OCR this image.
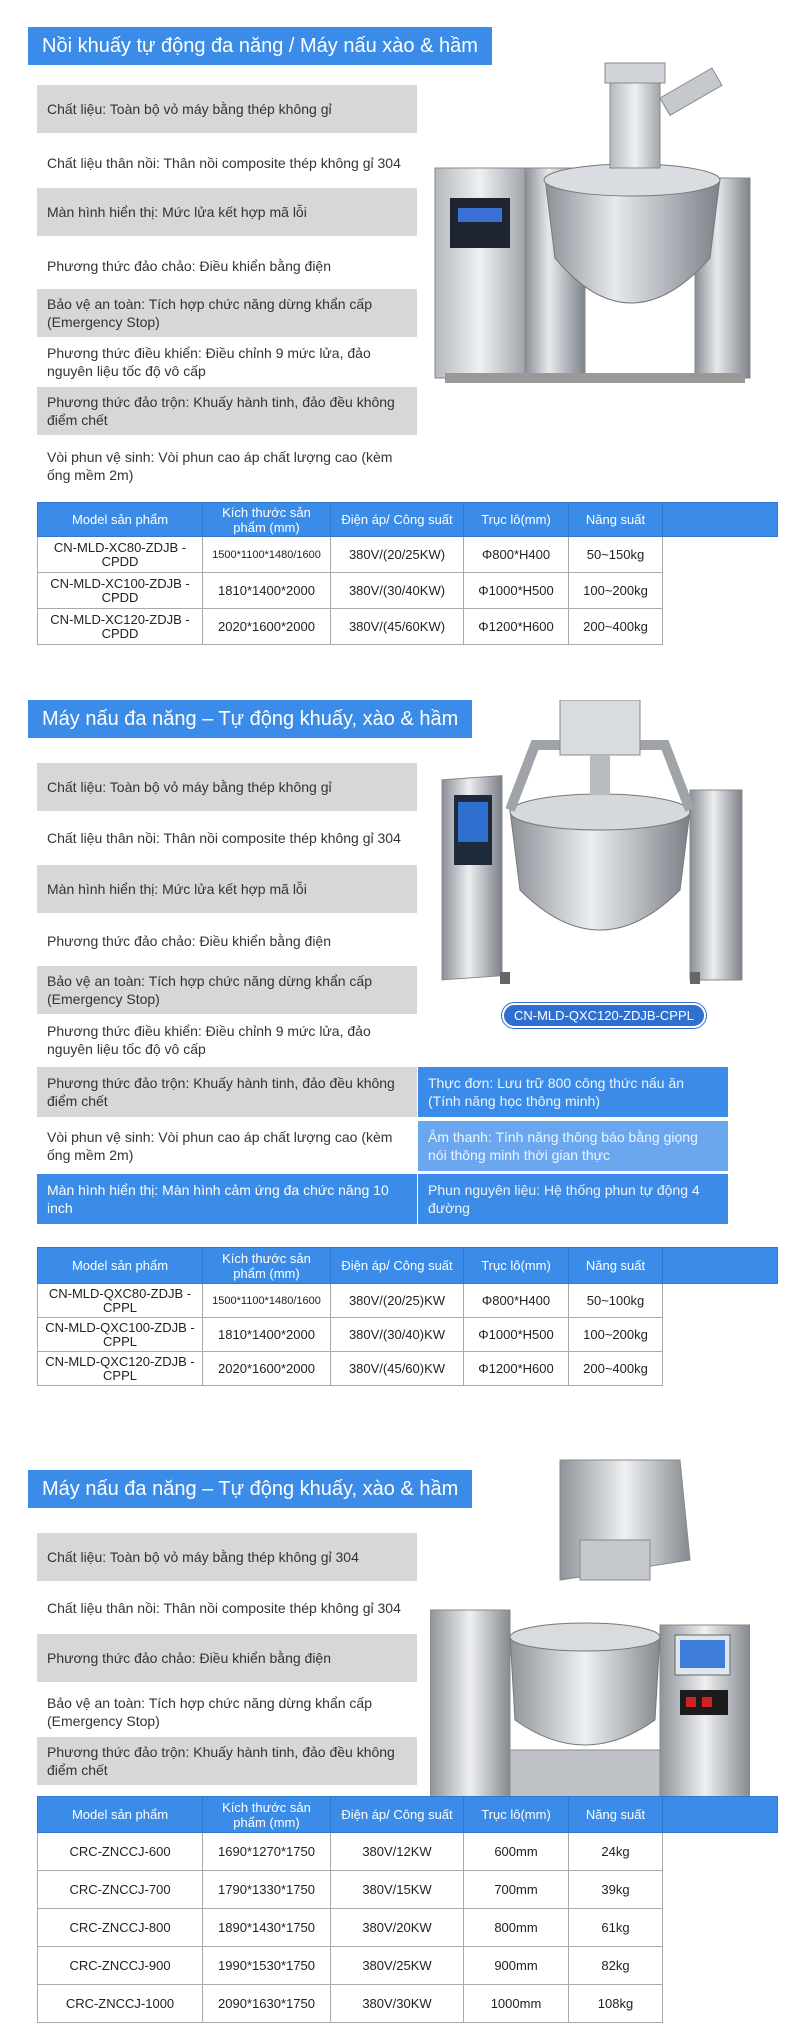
Nồi khuấy tự động đa năng / Máy nấu xào & hầm
Chất liệu: Toàn bộ vỏ máy bằng thép không gỉ
Chất liệu thân nồi: Thân nồi composite thép không gỉ 304
Màn hình hiển thị: Mức lửa kết hợp mã lỗi
Phương thức đảo chảo: Điều khiển bằng điện
Bảo vệ an toàn: Tích hợp chức năng dừng khẩn cấp (Emergency Stop)
Phương thức điều khiển: Điều chỉnh 9 mức lửa, đảo nguyên liệu tốc độ vô cấp
Phương thức đảo trộn: Khuấy hành tinh, đảo đều không điểm chết
Vòi phun vệ sinh: Vòi phun cao áp chất lượng cao (kèm ống mềm 2m)
Model sản phẩm	Kích thước sản phẩm (mm)	Điện áp/ Công suất	Trục lô(mm)	Năng suất	
CN-MLD-XC80-ZDJB -CPDD	1500*1100*1480/1600	380V/(20/25KW)	Φ800*H400	50~150kg	
CN-MLD-XC100-ZDJB -CPDD	1810*1400*2000	380V/(30/40KW)	Φ1000*H500	100~200kg	
CN-MLD-XC120-ZDJB -CPDD	2020*1600*2000	380V/(45/60KW)	Φ1200*H600	200~400kg	
Máy nấu đa năng – Tự động khuấy, xào & hầm
Chất liệu: Toàn bộ vỏ máy bằng thép không gỉ
Chất liệu thân nồi: Thân nồi composite thép không gỉ 304
Màn hình hiển thị: Mức lửa kết hợp mã lỗi
Phương thức đảo chảo: Điều khiển bằng điện
Bảo vệ an toàn: Tích hợp chức năng dừng khẩn cấp (Emergency Stop)
Phương thức điều khiển: Điều chỉnh 9 mức lửa, đảo nguyên liệu tốc độ vô cấp
Phương thức đảo trộn: Khuấy hành tinh, đảo đều không điểm chết
Vòi phun vệ sinh: Vòi phun cao áp chất lượng cao (kèm ống mềm 2m)
Màn hình hiển thị: Màn hình cảm ứng đa chức năng 10 inch
Thực đơn: Lưu trữ 800 công thức nấu ăn (Tính năng học thông minh)
Âm thanh: Tính năng thông báo bằng giọng nói thông minh thời gian thực
Phun nguyên liệu: Hệ thống phun tự động 4 đường
CN-MLD-QXC120-ZDJB-CPPL
Model sản phẩm	Kích thước sản phẩm (mm)	Điện áp/ Công suất	Trục lô(mm)	Năng suất	
CN-MLD-QXC80-ZDJB -CPPL	1500*1100*1480/1600	380V/(20/25)KW	Φ800*H400	50~100kg	
CN-MLD-QXC100-ZDJB -CPPL	1810*1400*2000	380V/(30/40)KW	Φ1000*H500	100~200kg	
CN-MLD-QXC120-ZDJB -CPPL	2020*1600*2000	380V/(45/60)KW	Φ1200*H600	200~400kg	
Máy nấu đa năng – Tự động khuấy, xào & hầm
Chất liệu: Toàn bộ vỏ máy bằng thép không gỉ 304
Chất liệu thân nồi: Thân nồi composite thép không gỉ 304
Phương thức đảo chảo: Điều khiển bằng điện
Bảo vệ an toàn: Tích hợp chức năng dừng khẩn cấp (Emergency Stop)
Phương thức đảo trộn: Khuấy hành tinh, đảo đều không điểm chết
Model sản phẩm	Kích thước sản phẩm (mm)	Điện áp/ Công suất	Trục lô(mm)	Năng suất	
CRC-ZNCCJ-600	1690*1270*1750	380V/12KW	600mm	24kg	
CRC-ZNCCJ-700	1790*1330*1750	380V/15KW	700mm	39kg	
CRC-ZNCCJ-800	1890*1430*1750	380V/20KW	800mm	61kg	
CRC-ZNCCJ-900	1990*1530*1750	380V/25KW	900mm	82kg	
CRC-ZNCCJ-1000	2090*1630*1750	380V/30KW	1000mm	108kg	
